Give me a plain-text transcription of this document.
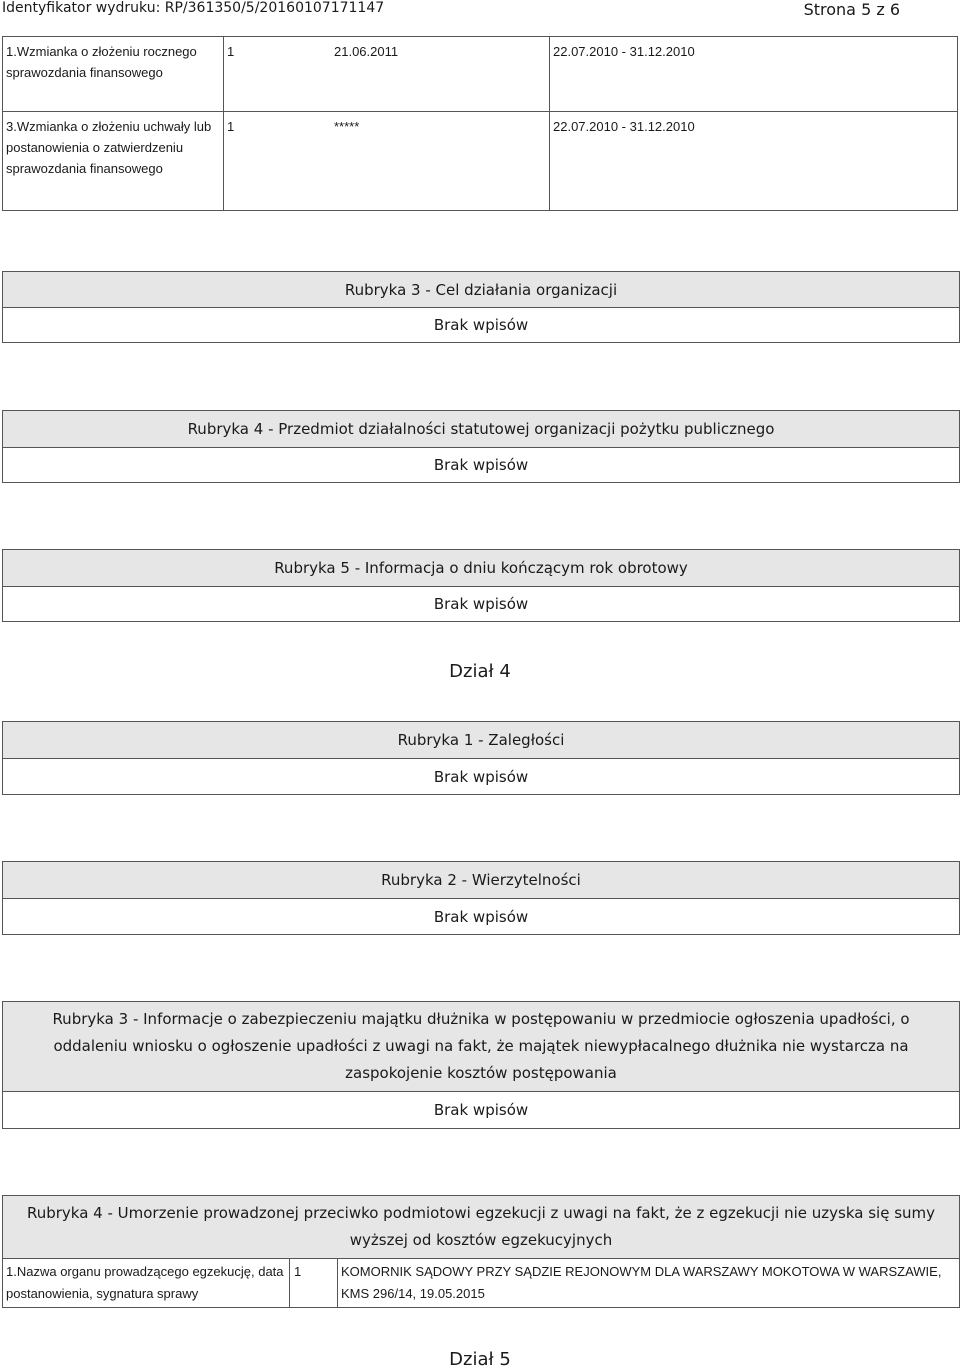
Identyfikator wydruku: RP/361350/5/20160107171147	Strona 5 z 6
1.Wzmianka o złożeniu rocznego sprawozdania finansowego	1	21.06.2011	22.07.2010 - 31.12.2010
3.Wzmianka o złożeniu uchwały lub postanowienia o zatwierdzeniu sprawozdania finansowego	1	*****	22.07.2010 - 31.12.2010
Rubryka 3 - Cel działania organizacji
Brak wpisów
Rubryka 4 - Przedmiot działalności statutowej organizacji pożytku publicznego
Brak wpisów
Rubryka 5 - Informacja o dniu kończącym rok obrotowy
Brak wpisów
Dział 4
Rubryka 1 - Zaległości
Brak wpisów
Rubryka 2 - Wierzytelności
Brak wpisów
Rubryka 3 - Informacje o zabezpieczeniu majątku dłużnika w postępowaniu w przedmiocie ogłoszenia upadłości, o oddaleniu wniosku o ogłoszenie upadłości z uwagi na fakt, że majątek niewypłacalnego dłużnika nie wystarcza na zaspokojenie kosztów postępowania
Brak wpisów
Rubryka 4 - Umorzenie prowadzonej przeciwko podmiotowi egzekucji z uwagi na fakt, że z egzekucji nie uzyska się sumy wyższej od kosztów egzekucyjnych
1.Nazwa organu prowadzącego egzekucję, data postanowienia, sygnatura sprawy	1	KOMORNIK SĄDOWY PRZY SĄDZIE REJONOWYM DLA WARSZAWY MOKOTOWA W WARSZAWIE, KMS 296/14, 19.05.2015
Dział 5
